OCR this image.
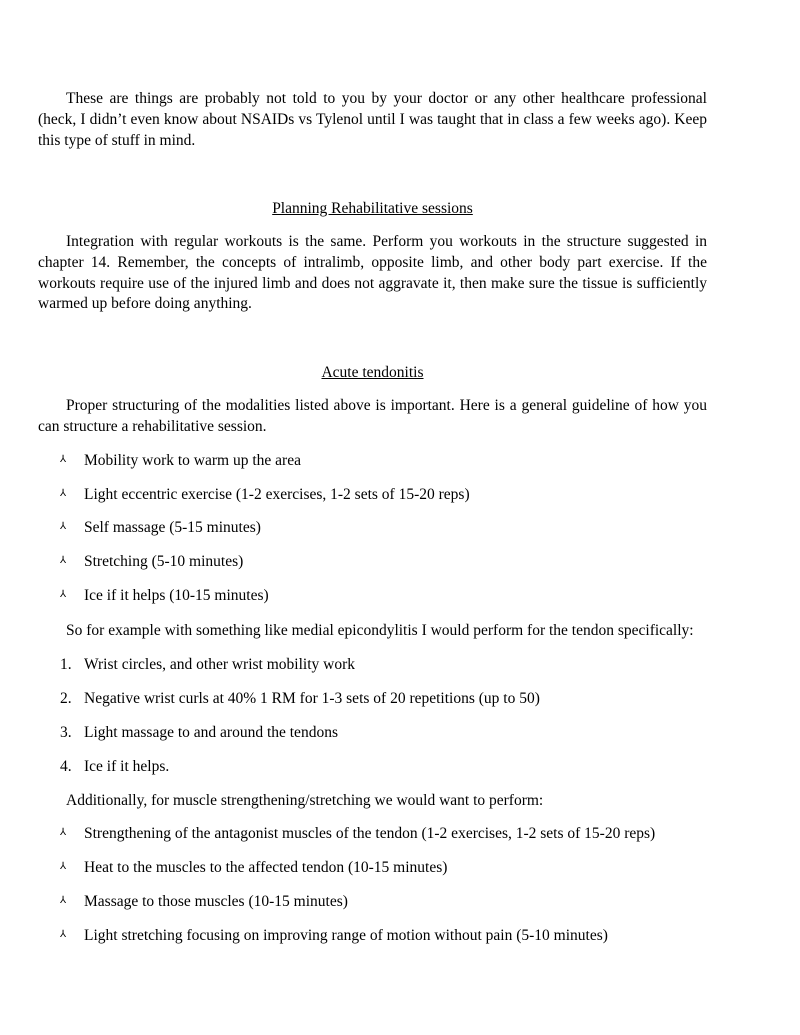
These are things are probably not told to you by your doctor or any other healthcare professional (heck, I didn’t even know about NSAIDs vs Tylenol until I was taught that in class a few weeks ago). Keep this type of stuff in mind.

Planning Rehabilitative sessions

Integration with regular workouts is the same. Perform you workouts in the structure suggested in chapter 14. Remember, the concepts of intralimb, opposite limb, and other body part exercise. If the workouts require use of the injured limb and does not aggravate it, then make sure the tissue is sufficiently warmed up before doing anything.

Acute tendonitis

Proper structuring of the modalities listed above is important. Here is a general guideline of how you can structure a rehabilitative session.

⅄ Mobility work to warm up the area
⅄ Light eccentric exercise (1-2 exercises, 1-2 sets of 15-20 reps)
⅄ Self massage (5-15 minutes)
⅄ Stretching (5-10 minutes)
⅄ Ice if it helps (10-15 minutes)

So for example with something like medial epicondylitis I would perform for the tendon specifically:

1. Wrist circles, and other wrist mobility work
2. Negative wrist curls at 40% 1 RM for 1-3 sets of 20 repetitions (up to 50)
3. Light massage to and around the tendons
4. Ice if it helps.

Additionally, for muscle strengthening/stretching we would want to perform:

⅄ Strengthening of the antagonist muscles of the tendon (1-2 exercises, 1-2 sets of 15-20 reps)
⅄ Heat to the muscles to the affected tendon (10-15 minutes)
⅄ Massage to those muscles (10-15 minutes)
⅄ Light stretching focusing on improving range of motion without pain (5-10 minutes)
